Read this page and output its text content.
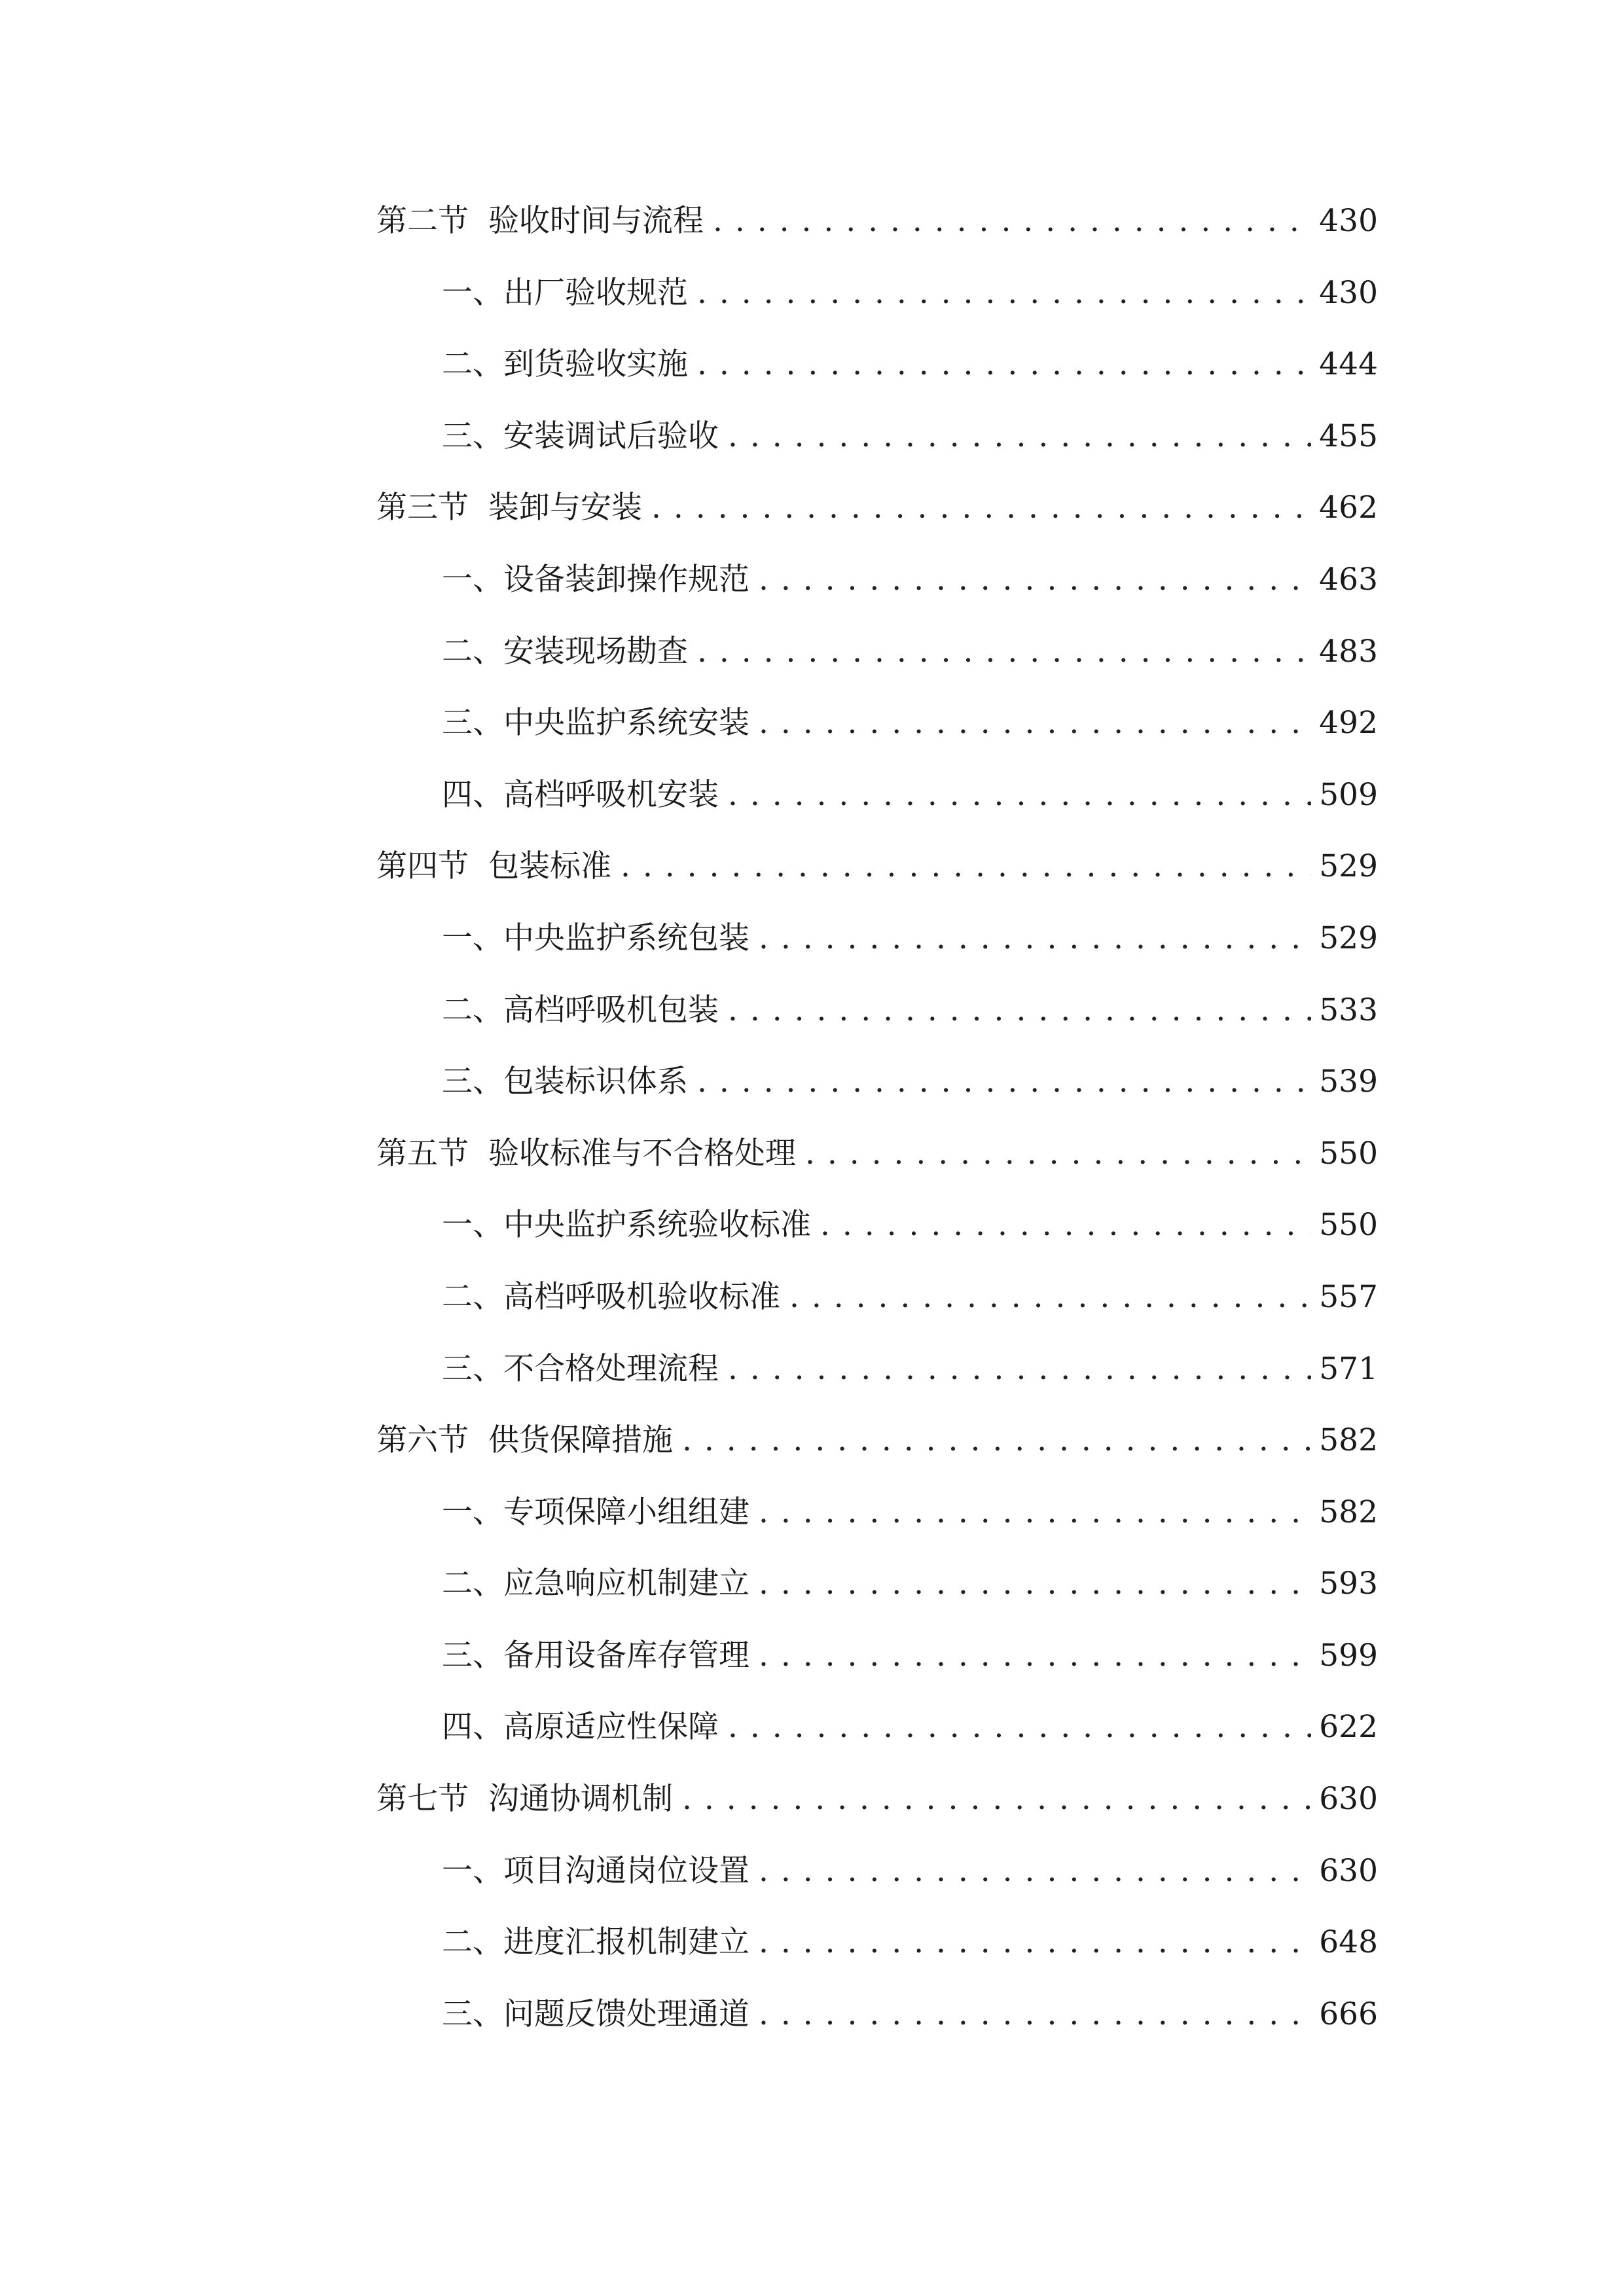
第二节 验收时间与流程 . . .	430
一、 出厂验收规范 . . .	430
二、 到货验收实施 . . .	444
三、 安装调试后验收 . . .	455
第三节 装卸与安装 . . .	462
一、 设备装卸操作规范 . . .	463
二、 安装现场勘查 . . .	483
三、 中央监护系统安装 . . .	492
四、 高档呼吸机安装 . . .	509
第四节 包装标准 . . .	529
一、 中央监护系统包装 . . .	529
二、 高档呼吸机包装 . . .	533
三、 包装标识体系 . . .	539
第五节 验收标准与不合格处理 . . .	550
一、 中央监护系统验收标准 . . .	550
二、 高档呼吸机验收标准 . . .	557
三、 不合格处理流程 . . .	571
第六节 供货保障措施 . . .	582
一、 专项保障小组组建 . . .	582
二、 应急响应机制建立 . . .	593
三、 备用设备库存管理 . . .	599
四、 高原适应性保障 . . .	622
第七节 沟通协调机制 . . .	630
一、 项目沟通岗位设置 . . .	630
二、 进度汇报机制建立 . . .	648
三、 问题反馈处理通道 . . .	666
